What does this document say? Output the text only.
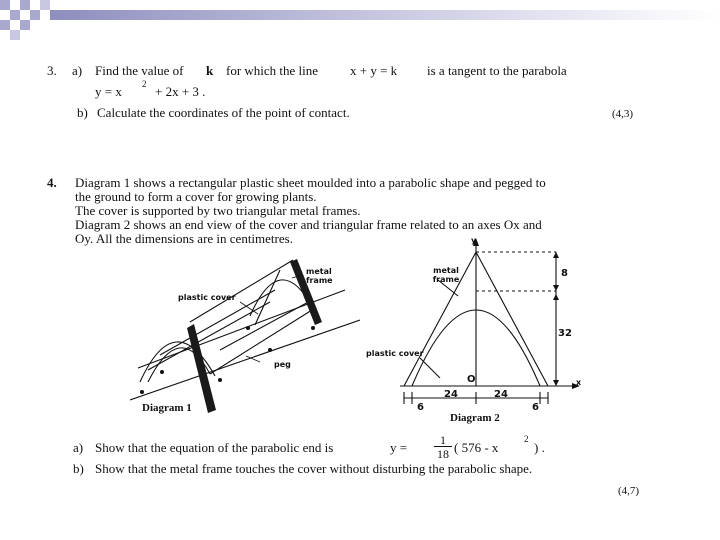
3. a) Find the value of k for which the line x + y = k is a tangent to the parabola
y = x 2 + 2x + 3 .
b) Calculate the coordinates of the point of contact.	(4,3)
4. Diagram 1 shows a rectangular plastic sheet moulded into a parabolic shape and pegged to
the ground to form a cover for growing plants.
The cover is supported by two triangular metal frames.
Diagram 2 shows an end view of the cover and triangular frame related to an axes Ox and
Oy. All the dimensions are in centimetres.
metal frame
plastic cover
peg
Diagram 1
y
x
O
metal frame
plastic cover
8
32
24	24
6	6
Diagram 2
a) Show that the equation of the parabolic end is	y =	1
18 ( 576 - x
2
) .
b) Show that the metal frame touches the cover without disturbing the parabolic shape.
(4,7)
